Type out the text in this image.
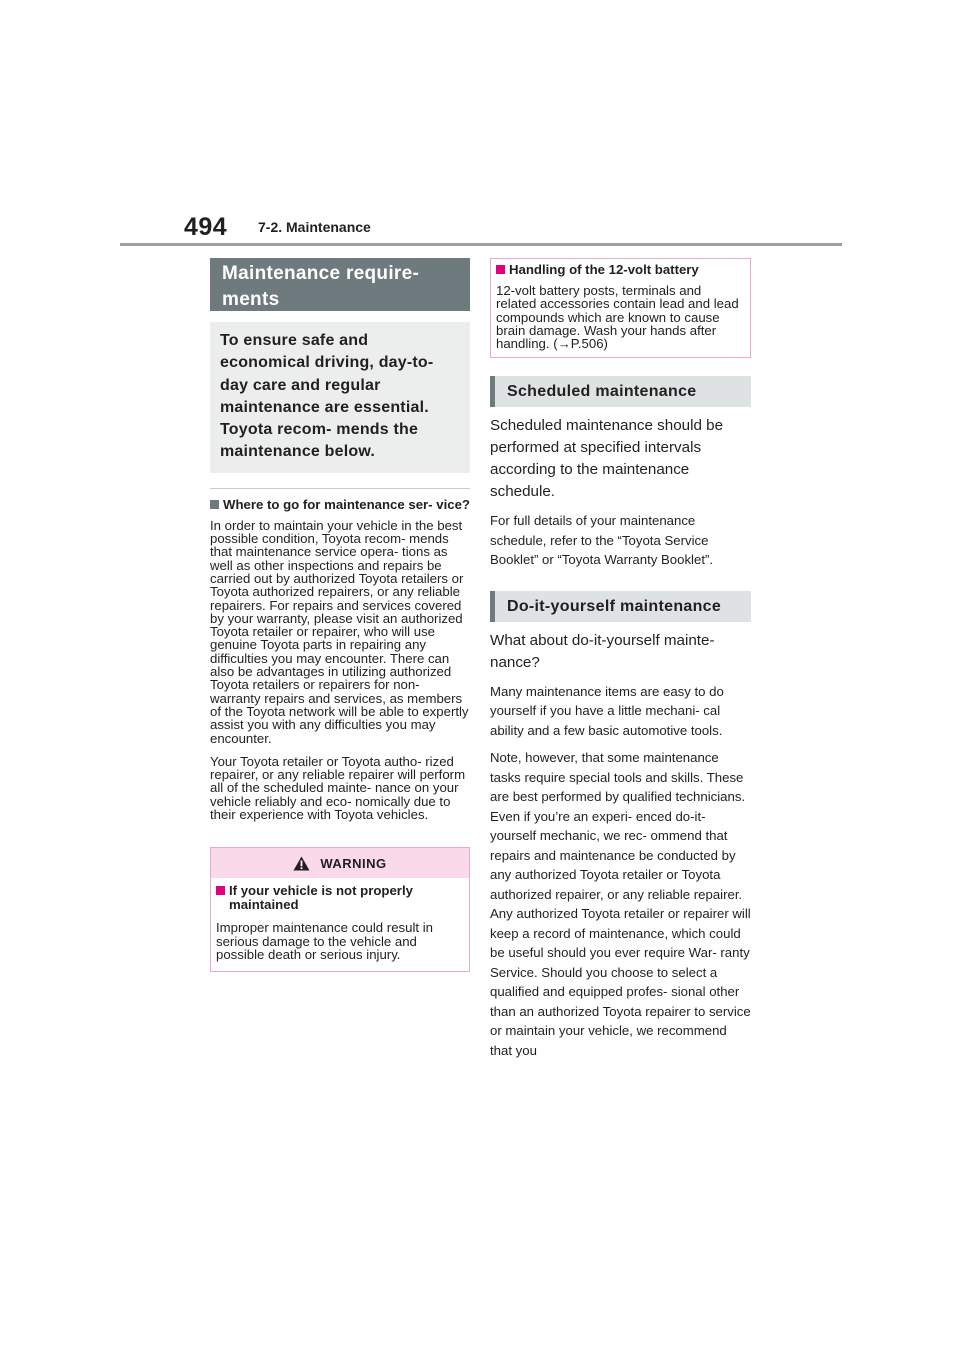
494 7-2. Maintenance
Maintenance require-
ments
To ensure safe and economical driving, day-to-day care and regular maintenance are essential. Toyota recom- mends the maintenance below.
Where to go for maintenance ser- vice?

In order to maintain your vehicle in the best possible condition, Toyota recom- mends that maintenance service opera- tions as well as other inspections and repairs be carried out by authorized Toyota retailers or Toyota authorized repairers, or any reliable repairers. For repairs and services covered by your warranty, please visit an authorized Toyota retailer or repairer, who will use genuine Toyota parts in repairing any difficulties you may encounter. There can also be advantages in utilizing authorized Toyota retailers or repairers for non-warranty repairs and services, as members of the Toyota network will be able to expertly assist you with any difficulties you may encounter.

Your Toyota retailer or Toyota autho- rized repairer, or any reliable repairer will perform all of the scheduled mainte- nance on your vehicle reliably and eco- nomically due to their experience with Toyota vehicles.

WARNING
If your vehicle is not properly maintained

Improper maintenance could result in serious damage to the vehicle and possible death or serious injury.

Handling of the 12-volt battery

12-volt battery posts, terminals and related accessories contain lead and lead compounds which are known to cause brain damage. Wash your hands after handling. (→P.506)

Scheduled maintenance

Scheduled maintenance should be performed at specified intervals according to the maintenance schedule.

For full details of your maintenance schedule, refer to the “Toyota Service Booklet” or “Toyota Warranty Booklet”.

Do-it-yourself maintenance

What about do-it-yourself mainte- nance?

Many maintenance items are easy to do yourself if you have a little mechani- cal ability and a few basic automotive tools.

Note, however, that some maintenance tasks require special tools and skills. These are best performed by qualified technicians. Even if you’re an experi- enced do-it-yourself mechanic, we rec- ommend that repairs and maintenance be conducted by any authorized Toyota retailer or Toyota authorized repairer, or any reliable repairer. Any authorized Toyota retailer or repairer will keep a record of maintenance, which could be useful should you ever require War- ranty Service. Should you choose to select a qualified and equipped profes- sional other than an authorized Toyota repairer to service or maintain your vehicle, we recommend that you
